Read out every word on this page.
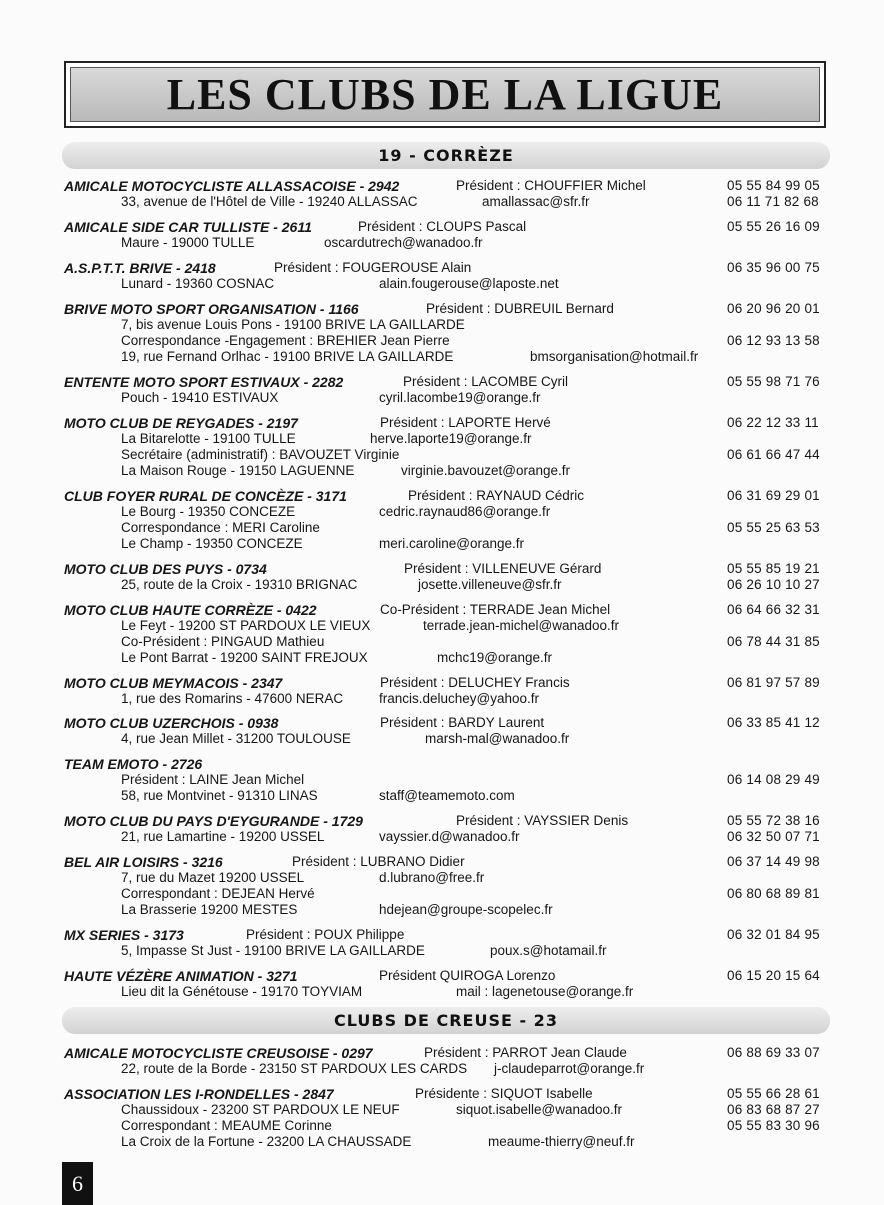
LES CLUBS DE LA LIGUE
19 - CORRÈZE
AMICALE MOTOCYCLISTE ALLASSACOISE - 2942	Président : CHOUFFIER Michel	05 55 84 99 05
33, avenue de l'Hôtel de Ville - 19240 ALLASSAC	amallassac@sfr.fr	06 11 71 82 68
AMICALE SIDE CAR TULLISTE - 2611	Président : CLOUPS Pascal	05 55 26 16 09
Maure - 19000 TULLE	oscardutrech@wanadoo.fr
A.S.P.T.T. BRIVE - 2418	Président : FOUGEROUSE Alain	06 35 96 00 75
Lunard - 19360 COSNAC	alain.fougerouse@laposte.net
BRIVE MOTO SPORT ORGANISATION - 1166	Président : DUBREUIL Bernard	06 20 96 20 01
7, bis avenue Louis Pons - 19100 BRIVE LA GAILLARDE
Correspondance -Engagement : BREHIER Jean Pierre	06 12 93 13 58
19, rue Fernand Orlhac - 19100 BRIVE LA GAILLARDE	bmsorganisation@hotmail.fr
ENTENTE MOTO SPORT ESTIVAUX - 2282	Président : LACOMBE Cyril	05 55 98 71 76
Pouch - 19410 ESTIVAUX	cyril.lacombe19@orange.fr
MOTO CLUB DE REYGADES - 2197	Président : LAPORTE Hervé	06 22 12 33 11
La Bitarelotte - 19100 TULLE	herve.laporte19@orange.fr
Secrétaire (administratif) : BAVOUZET Virginie	06 61 66 47 44
La Maison Rouge - 19150 LAGUENNE	virginie.bavouzet@orange.fr
CLUB FOYER RURAL DE CONCÈZE - 3171	Président : RAYNAUD Cédric	06 31 69 29 01
Le Bourg - 19350 CONCEZE	cedric.raynaud86@orange.fr
Correspondance : MERI Caroline	05 55 25 63 53
Le Champ - 19350 CONCEZE	meri.caroline@orange.fr
MOTO CLUB DES PUYS - 0734	Président : VILLENEUVE Gérard	05 55 85 19 21
25, route de la Croix - 19310 BRIGNAC	josette.villeneuve@sfr.fr	06 26 10 10 27
MOTO CLUB HAUTE CORRÈZE - 0422	Co-Président : TERRADE Jean Michel	06 64 66 32 31
Le Feyt - 19200 ST PARDOUX LE VIEUX	terrade.jean-michel@wanadoo.fr
Co-Président : PINGAUD Mathieu	06 78 44 31 85
Le Pont Barrat - 19200 SAINT FREJOUX	mchc19@orange.fr
MOTO CLUB MEYMACOIS - 2347	Président : DELUCHEY Francis	06 81 97 57 89
1, rue des Romarins - 47600 NERAC	francis.deluchey@yahoo.fr
MOTO CLUB UZERCHOIS - 0938	Président : BARDY Laurent	06 33 85 41 12
4, rue Jean Millet - 31200 TOULOUSE	marsh-mal@wanadoo.fr
TEAM EMOTO - 2726
Président : LAINE Jean Michel	06 14 08 29 49
58, rue Montvinet - 91310 LINAS	staff@teamemoto.com
MOTO CLUB DU PAYS D'EYGURANDE - 1729	Président : VAYSSIER Denis	05 55 72 38 16
21, rue Lamartine - 19200 USSEL	vayssier.d@wanadoo.fr	06 32 50 07 71
BEL AIR LOISIRS - 3216	Président : LUBRANO Didier	06 37 14 49 98
7, rue du Mazet 19200 USSEL	d.lubrano@free.fr
Correspondant : DEJEAN Hervé	06 80 68 89 81
La Brasserie 19200 MESTES	hdejean@groupe-scopelec.fr
MX SERIES - 3173	Président : POUX Philippe	06 32 01 84 95
5, Impasse St Just - 19100 BRIVE LA GAILLARDE	poux.s@hotamail.fr
HAUTE VÉZÈRE ANIMATION - 3271	Président QUIROGA Lorenzo	06 15 20 15 64
Lieu dit la Génétouse - 19170 TOYVIAM	mail : lagenetouse@orange.fr
CLUBS DE CREUSE - 23
AMICALE MOTOCYCLISTE CREUSOISE - 0297	Président : PARROT Jean Claude	06 88 69 33 07
22, route de la Borde - 23150 ST PARDOUX LES CARDS j-claudeparrot@orange.fr
ASSOCIATION LES I-RONDELLES - 2847	Présidente : SIQUOT Isabelle	05 55 66 28 61
Chaussidoux - 23200 ST PARDOUX LE NEUF	siquot.isabelle@wanadoo.fr	06 83 68 87 27
Correspondant : MEAUME Corinne	05 55 83 30 96
La Croix de la Fortune - 23200 LA CHAUSSADE	meaume-thierry@neuf.fr
6
